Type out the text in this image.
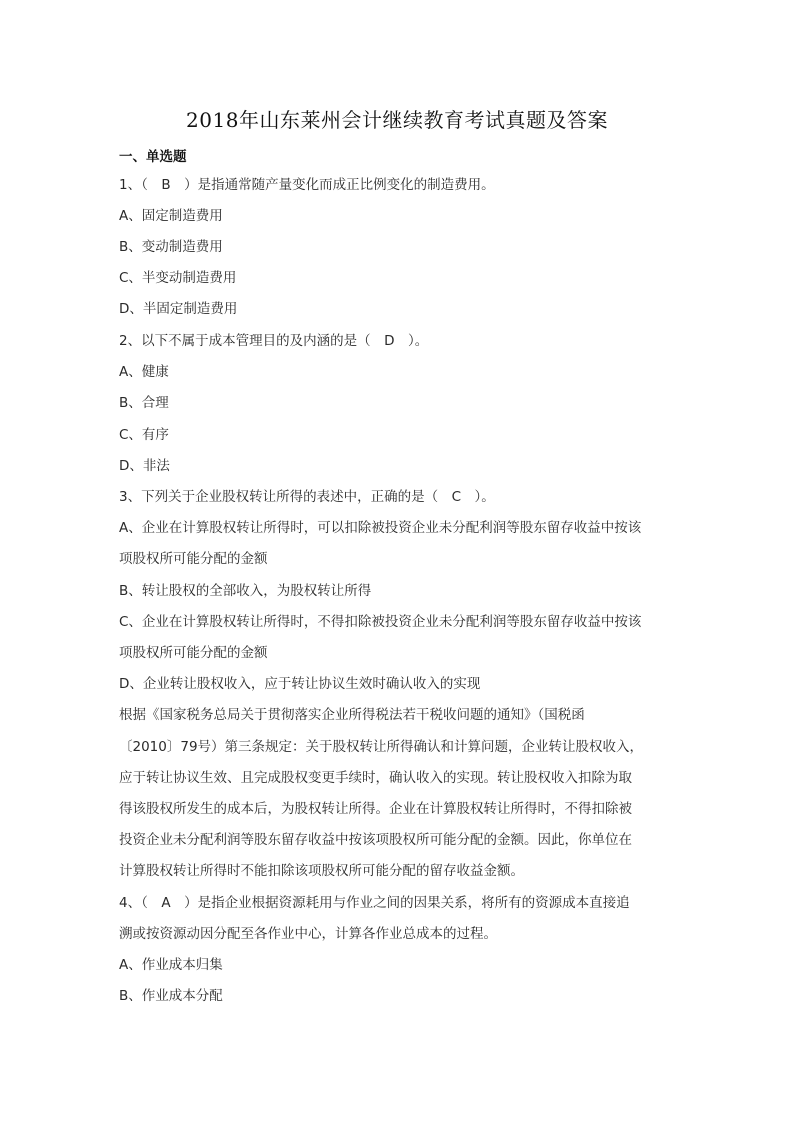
2018年山东莱州会计继续教育考试真题及答案
一、单选题
1、（　B　）是指通常随产量变化而成正比例变化的制造费用。
A、固定制造费用
B、变动制造费用
C、半变动制造费用
D、半固定制造费用
2、以下不属于成本管理目的及内涵的是（　D　）。
A、健康
B、合理
C、有序
D、非法
3、下列关于企业股权转让所得的表述中，正确的是（　C　）。
A、企业在计算股权转让所得时，可以扣除被投资企业未分配利润等股东留存收益中按该
项股权所可能分配的金额
B、转让股权的全部收入，为股权转让所得
C、企业在计算股权转让所得时，不得扣除被投资企业未分配利润等股东留存收益中按该
项股权所可能分配的金额
D、企业转让股权收入，应于转让协议生效时确认收入的实现
根据《国家税务总局关于贯彻落实企业所得税法若干税收问题的通知》（国税函
〔2010〕79号）第三条规定：关于股权转让所得确认和计算问题，企业转让股权收入，
应于转让协议生效、且完成股权变更手续时，确认收入的实现。转让股权收入扣除为取
得该股权所发生的成本后，为股权转让所得。企业在计算股权转让所得时，不得扣除被
投资企业未分配利润等股东留存收益中按该项股权所可能分配的金额。因此，你单位在
计算股权转让所得时不能扣除该项股权所可能分配的留存收益金额。
4、（　A　）是指企业根据资源耗用与作业之间的因果关系，将所有的资源成本直接追
溯或按资源动因分配至各作业中心，计算各作业总成本的过程。
A、作业成本归集
B、作业成本分配
